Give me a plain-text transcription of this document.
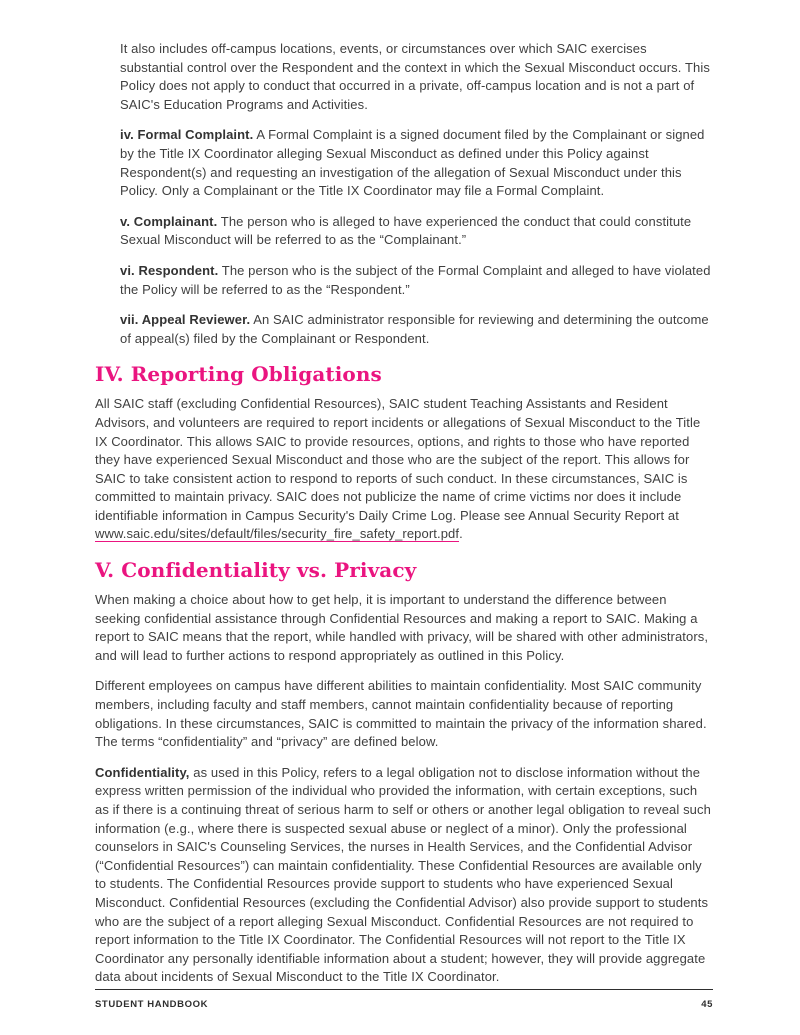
It also includes off-campus locations, events, or circumstances over which SAIC exercises substantial control over the Respondent and the context in which the Sexual Misconduct occurs. This Policy does not apply to conduct that occurred in a private, off-campus location and is not a part of SAIC's Education Programs and Activities.

iv. Formal Complaint. A Formal Complaint is a signed document filed by the Complainant or signed by the Title IX Coordinator alleging Sexual Misconduct as defined under this Policy against Respondent(s) and requesting an investigation of the allegation of Sexual Misconduct under this Policy. Only a Complainant or the Title IX Coordinator may file a Formal Complaint.

v. Complainant. The person who is alleged to have experienced the conduct that could constitute Sexual Misconduct will be referred to as the “Complainant.”

vi. Respondent. The person who is the subject of the Formal Complaint and alleged to have violated the Policy will be referred to as the “Respondent.”

vii. Appeal Reviewer. An SAIC administrator responsible for reviewing and determining the outcome of appeal(s) filed by the Complainant or Respondent.

IV. Reporting Obligations

All SAIC staff (excluding Confidential Resources), SAIC student Teaching Assistants and Resident Advisors, and volunteers are required to report incidents or allegations of Sexual Misconduct to the Title IX Coordinator. This allows SAIC to provide resources, options, and rights to those who have reported they have experienced Sexual Misconduct and those who are the subject of the report. This allows for SAIC to take consistent action to respond to reports of such conduct. In these circumstances, SAIC is committed to maintain privacy. SAIC does not publicize the name of crime victims nor does it include identifiable information in Campus Security's Daily Crime Log. Please see Annual Security Report at www.saic.edu/sites/default/files/security_fire_safety_report.pdf.

V. Confidentiality vs. Privacy

When making a choice about how to get help, it is important to understand the difference between seeking confidential assistance through Confidential Resources and making a report to SAIC. Making a report to SAIC means that the report, while handled with privacy, will be shared with other administrators, and will lead to further actions to respond appropriately as outlined in this Policy.

Different employees on campus have different abilities to maintain confidentiality. Most SAIC community members, including faculty and staff members, cannot maintain confidentiality because of reporting obligations. In these circumstances, SAIC is committed to maintain the privacy of the information shared. The terms “confidentiality” and “privacy” are defined below.

Confidentiality, as used in this Policy, refers to a legal obligation not to disclose information without the express written permission of the individual who provided the information, with certain exceptions, such as if there is a continuing threat of serious harm to self or others or another legal obligation to reveal such information (e.g., where there is suspected sexual abuse or neglect of a minor). Only the professional counselors in SAIC's Counseling Services, the nurses in Health Services, and the Confidential Advisor (“Confidential Resources”) can maintain confidentiality. These Confidential Resources are available only to students. The Confidential Resources provide support to students who have experienced Sexual Misconduct. Confidential Resources (excluding the Confidential Advisor) also provide support to students who are the subject of a report alleging Sexual Misconduct. Confidential Resources are not required to report information to the Title IX Coordinator. The Confidential Resources will not report to the Title IX Coordinator any personally identifiable information about a student; however, they will provide aggregate data about incidents of Sexual Misconduct to the Title IX Coordinator.

STUDENT HANDBOOK	45
